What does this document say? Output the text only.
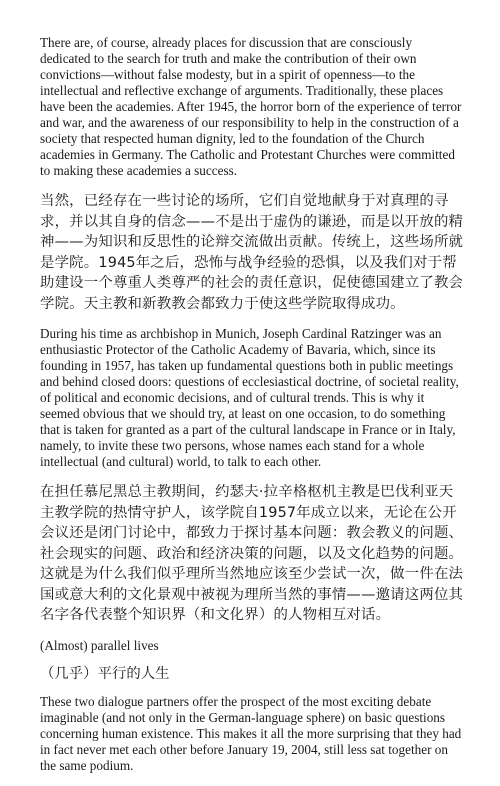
There are, of course, already places for discussion that are consciously dedicated to the search for truth and make the contribution of their own convictions—without false modesty, but in a spirit of openness—to the intellectual and reflective exchange of arguments. Traditionally, these places have been the academies. After 1945, the horror born of the experience of terror and war, and the awareness of our responsibility to help in the construction of a society that respected human dignity, led to the foundation of the Church academies in Germany. The Catholic and Protestant Churches were committed to making these academies a success.

当然，已经存在一些讨论的场所，它们自觉地献身于对真理的寻求，并以其自身的信念——不是出于虚伪的谦逊，而是以开放的精神——为知识和反思性的论辩交流做出贡献。传统上，这些场所就是学院。1945年之后，恐怖与战争经验的恐惧，以及我们对于帮助建设一个尊重人类尊严的社会的责任意识，促使德国建立了教会学院。天主教和新教教会都致力于使这些学院取得成功。

During his time as archbishop in Munich, Joseph Cardinal Ratzinger was an enthusiastic Protector of the Catholic Academy of Bavaria, which, since its founding in 1957, has taken up fundamental questions both in public meetings and behind closed doors: questions of ecclesiastical doctrine, of societal reality, of political and economic decisions, and of cultural trends. This is why it seemed obvious that we should try, at least on one occasion, to do something that is taken for granted as a part of the cultural landscape in France or in Italy, namely, to invite these two persons, whose names each stand for a whole intellectual (and cultural) world, to talk to each other.

在担任慕尼黑总主教期间，约瑟夫·拉辛格枢机主教是巴伐利亚天主教学院的热情守护人，该学院自1957年成立以来，无论在公开会议还是闭门讨论中，都致力于探讨基本问题：教会教义的问题、社会现实的问题、政治和经济决策的问题，以及文化趋势的问题。这就是为什么我们似乎理所当然地应该至少尝试一次，做一件在法国或意大利的文化景观中被视为理所当然的事情——邀请这两位其名字各代表整个知识界（和文化界）的人物相互对话。

(Almost) parallel lives

（几乎）平行的人生

These two dialogue partners offer the prospect of the most exciting debate imaginable (and not only in the German-language sphere) on basic questions concerning human existence. This makes it all the more surprising that they had in fact never met each other before January 19, 2004, still less sat together on the same podium.
